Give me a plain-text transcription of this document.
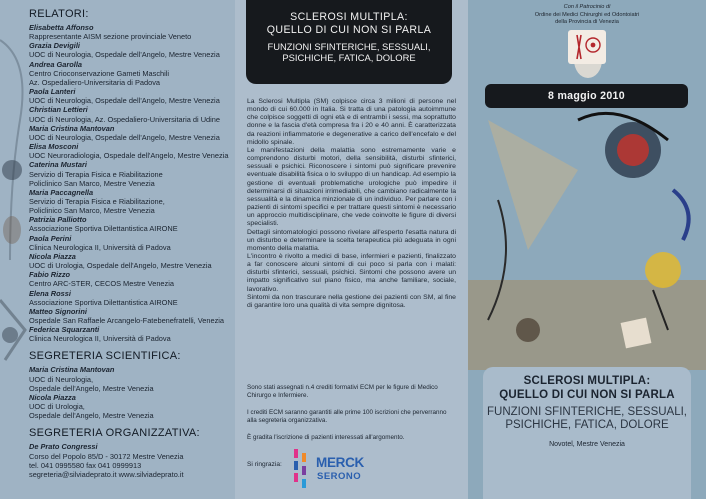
RELATORI:
Elisabetta Affonso
Rappresentante AISM sezione provinciale Veneto
Grazia Devigili
UOC di Neurologia, Ospedale dell'Angelo, Mestre Venezia
Andrea Garolla
Centro Crioconservazione Gameti Maschili
Az. Ospedaliero-Universitaria di Padova
Paola Lanteri
UOC di Neurologia, Ospedale dell'Angelo, Mestre Venezia
Christian Lettieri
UOC di Neurologia, Az. Ospedaliero-Universitaria di Udine
Maria Cristina Mantovan
UOC di Neurologia, Ospedale dell'Angelo, Mestre Venezia
Elisa Mosconi
UOC Neuroradiologia, Ospedale dell'Angelo, Mestre Venezia
Caterina Mustari
Servizio di Terapia Fisica e Riabilitazione
Policlinico San Marco, Mestre Venezia
Maria Paccagnella
Servizio di Terapia Fisica e Riabilitazione,
Policlinico San Marco, Mestre Venezia
Patrizia Palliotto
Associazione Sportiva Dilettantistica AIRONE
Paola Perini
Clinica Neurologica II, Università di Padova
Nicola Piazza
UOC di Urologia, Ospedale dell'Angelo, Mestre Venezia
Fabio Rizzo
Centro ARC-STER, CECOS Mestre Venezia
Elena Rossi
Associazione Sportiva Dilettantistica AIRONE
Matteo Signorini
Ospedale San Raffaele Arcangelo-Fatebenefratelli, Venezia
Federica Squarzanti
Clinica Neurologica II, Università di Padova
SEGRETERIA SCIENTIFICA:
Maria Cristina Mantovan
UOC di Neurologia,
Ospedale dell'Angelo, Mestre Venezia
Nicola Piazza
UOC di Urologia,
Ospedale dell'Angelo, Mestre Venezia
SEGRETERIA ORGANIZZATIVA:
De Prato Congressi
Corso del Popolo 85/D - 30172 Mestre Venezia
tel. 041 0995580 fax 041 0999913
segreteria@silviadeprato.it www.silviadeprato.it
SCLEROSI MULTIPLA:
QUELLO DI CUI NON SI PARLA
FUNZIONI SFINTERICHE, SESSUALI,
PSICHICHE, FATICA, DOLORE

La Sclerosi Multipla (SM) colpisce circa 3 milioni di persone nel mondo di cui 60.000 in Italia. Si tratta di una patologia autoimmune che colpisce soggetti di ogni età e di entrambi i sessi, ma soprattutto donne e la fascia d'età compresa fra i 20 e 40 anni. È caratterizzata da reazioni infiammatorie e degenerative a carico dell'encefalo e del midollo spinale.

Le manifestazioni della malattia sono estremamente varie e comprendono disturbi motori, della sensibilità, disturbi sfinterici, sessuali e psichici. Riconoscere i sintomi può significare prevenire eventuale disabilità fisica o lo sviluppo di un handicap. Ad esempio la gestione di eventuali problematiche urologiche può impedire il determinarsi di situazioni irrimediabili, che cambiano radicalmente la sessualità e la dinamica minzionale di un individuo. Per parlare con i pazienti di sintomi specifici e per trattare questi sintomi è necessario un approccio multidisciplinare, che vede coinvolte le figure di diversi specialisti.

Dettagli sintomatologici possono rivelare all'esperto l'esatta natura di un disturbo e determinare la scelta terapeutica più adeguata in ogni momento della malattia.

L'incontro è rivolto a medici di base, infermieri e pazienti, finalizzato a far conoscere alcuni sintomi di cui poco si parla con i malati: disturbi sfinterici, sessuali, psichici. Sintomi che possono avere un impatto significativo sul piano fisico, ma anche familiare, sociale, lavorativo.

Sintomi da non trascurare nella gestione dei pazienti con SM, al fine di garantire loro una qualità di vita sempre dignitosa.

Sono stati assegnati n.4 crediti formativi ECM per le figure di Medico Chirurgo e Infermiere.
I crediti ECM saranno garantiti alle prime 100 iscrizioni che perverranno alla segreteria organizzativa.
È gradita l'iscrizione di pazienti interessati all'argomento.
Si ringrazia:	MERCK
SERONO
Con il Patrocinio di
Ordine dei Medici Chirurghi ed Odontoiatri
della Provincia di Venezia
8 maggio 2010
SCLEROSI MULTIPLA:
QUELLO DI CUI NON SI PARLA
FUNZIONI SFINTERICHE, SESSUALI,
PSICHICHE, FATICA, DOLORE
Novotel, Mestre Venezia
